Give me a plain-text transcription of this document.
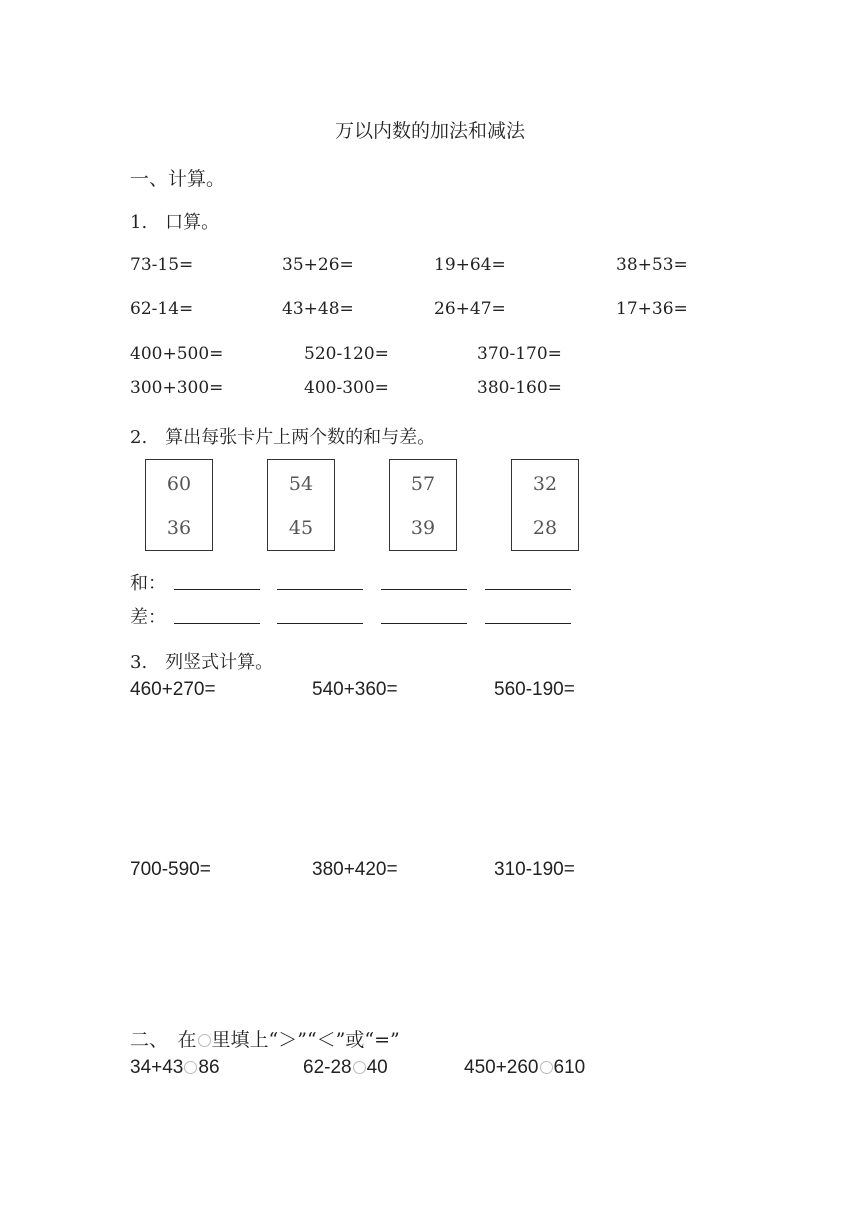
万以内数的加法和减法
一、计算。
1.　口算。
73-15=	35+26=	19+64=	38+53=
62-14=	43+48=	26+47=	17+36=
400+500=	520-120=	370-170=
300+300=	400-300=	380-160=
2.　算出每张卡片上两个数的和与差。
60
36
54
45
57
39
32
28
和：
差：
3.　列竖式计算。
460+270=	540+360=	560-190=
700-590=	380+420=	310-190=
二、　在 里填上“＞”“＜”或“=”
34+43 86	62-28 40	450+260 610
